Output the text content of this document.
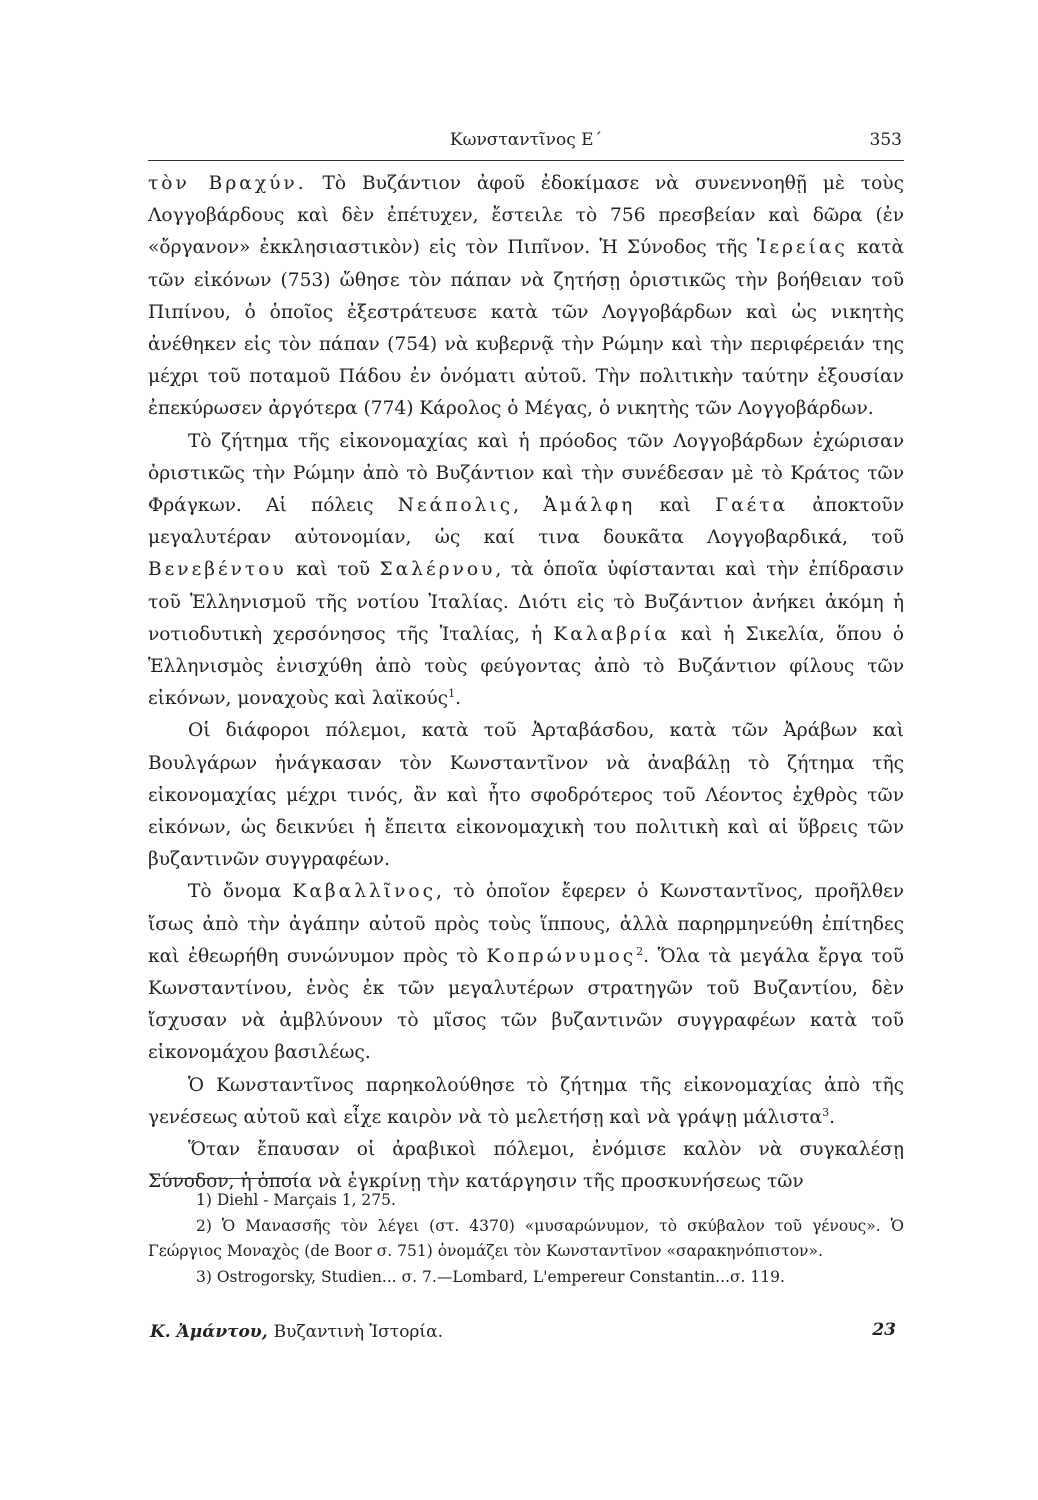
Κωνσταντῖνος Ε΄	353

τὸν Βραχύν. Τὸ Βυζάντιον ἀφοῦ ἐδοκίμασε νὰ συνεννοηθῇ μὲ τοὺς Λογγοβάρδους καὶ δὲν ἐπέτυχεν, ἔστειλε τὸ 756 πρεσβείαν καὶ δῶρα (ἐν «ὄργανον» ἐκκλησιαστικὸν) εἰς τὸν Πιπῖνον. Ἡ Σύνοδος τῆς Ἱερείας κατὰ τῶν εἰκόνων (753) ὤθησε τὸν πάπαν νὰ ζητήσῃ ὁριστικῶς τὴν βοήθειαν τοῦ Πιπίνου, ὁ ὁποῖος ἐξεστράτευσε κατὰ τῶν Λογγοβάρδων καὶ ὡς νικητὴς ἀνέθηκεν εἰς τὸν πάπαν (754) νὰ κυβερνᾷ τὴν Ρώμην καὶ τὴν περιφέρειάν της μέχρι τοῦ ποταμοῦ Πάδου ἐν ὀνόματι αὐτοῦ. Τὴν πολιτικὴν ταύτην ἐξουσίαν ἐπεκύρωσεν ἀργότερα (774) Κάρολος ὁ Μέγας, ὁ νικητὴς τῶν Λογγοβάρδων.

Τὸ ζήτημα τῆς εἰκονομαχίας καὶ ἡ πρόοδος τῶν Λογγοβάρδων ἐχώρισαν ὁριστικῶς τὴν Ρώμην ἀπὸ τὸ Βυζάντιον καὶ τὴν συνέδεσαν μὲ τὸ Κράτος τῶν Φράγκων. Αἱ πόλεις Νεάπολις, Ἀμάλφη καὶ Γαέτα ἀποκτοῦν μεγαλυτέραν αὐτονομίαν, ὡς καί τινα δουκᾶτα Λογγοβαρδικά, τοῦ Βενεβέντου καὶ τοῦ Σαλέρνου, τὰ ὁποῖα ὑφίστανται καὶ τὴν ἐπίδρασιν τοῦ Ἑλληνισμοῦ τῆς νοτίου Ἰταλίας. Διότι εἰς τὸ Βυζάντιον ἀνήκει ἀκόμη ἡ νοτιοδυτικὴ χερσόνησος τῆς Ἰταλίας, ἡ Καλαβρία καὶ ἡ Σικελία, ὅπου ὁ Ἑλληνισμὸς ἐνισχύθη ἀπὸ τοὺς φεύγοντας ἀπὸ τὸ Βυζάντιον φίλους τῶν εἰκόνων, μοναχοὺς καὶ λαϊκούς$^1$.

Οἱ διάφοροι πόλεμοι, κατὰ τοῦ Ἀρταβάσδου, κατὰ τῶν Ἀράβων καὶ Βουλγάρων ἠνάγκασαν τὸν Κωνσταντῖνον νὰ ἀναβάλῃ τὸ ζήτημα τῆς εἰκονομαχίας μέχρι τινός, ἂν καὶ ἦτο σφοδρότερος τοῦ Λέοντος ἐχθρὸς τῶν εἰκόνων, ὡς δεικνύει ἡ ἔπειτα εἰκονομαχικὴ του πολιτικὴ καὶ αἱ ὕβρεις τῶν βυζαντινῶν συγγραφέων.

Τὸ ὄνομα Καβαλλῖνος, τὸ ὁποῖον ἔφερεν ὁ Κωνσταντῖνος, προῆλθεν ἴσως ἀπὸ τὴν ἀγάπην αὐτοῦ πρὸς τοὺς ἵππους, ἀλλὰ παρηρμηνεύθη ἐπίτηδες καὶ ἐθεωρήθη συνώνυμον πρὸς τὸ Κοπρώνυμος$^2$. Ὅλα τὰ μεγάλα ἔργα τοῦ Κωνσταντίνου, ἑνὸς ἐκ τῶν μεγαλυτέρων στρατηγῶν τοῦ Βυζαντίου, δὲν ἴσχυσαν νὰ ἀμβλύνουν τὸ μῖσος τῶν βυζαντινῶν συγγραφέων κατὰ τοῦ εἰκονομάχου βασιλέως.

Ὁ Κωνσταντῖνος παρηκολούθησε τὸ ζήτημα τῆς εἰκονομαχίας ἀπὸ τῆς γενέσεως αὐτοῦ καὶ εἶχε καιρὸν νὰ τὸ μελετήσῃ καὶ νὰ γράψῃ μάλιστα$^3$.

Ὅταν ἔπαυσαν οἱ ἀραβικοὶ πόλεμοι, ἐνόμισε καλὸν νὰ συγκαλέσῃ Σύνοδον, ἡ ὁποία νὰ ἐγκρίνῃ τὴν κατάργησιν τῆς προσκυνήσεως τῶν

1) Diehl - Marçais 1, 275.

2) Ὁ Μανασσῆς τὸν λέγει (στ. 4370) «μυσαρώνυμον, τὸ σκύβαλον τοῦ γένους». Ὁ Γεώργιος Μοναχὸς (de Boor σ. 751) ὀνομάζει τὸν Κωνσταντῖνον «σαρακηνόπιστον».

3) Ostrogorsky, Studien... σ. 7.—Lombard, L'empereur Constantin...σ. 119.

Κ. Ἀμάντου, Βυζαντινὴ Ἱστορία.	23
